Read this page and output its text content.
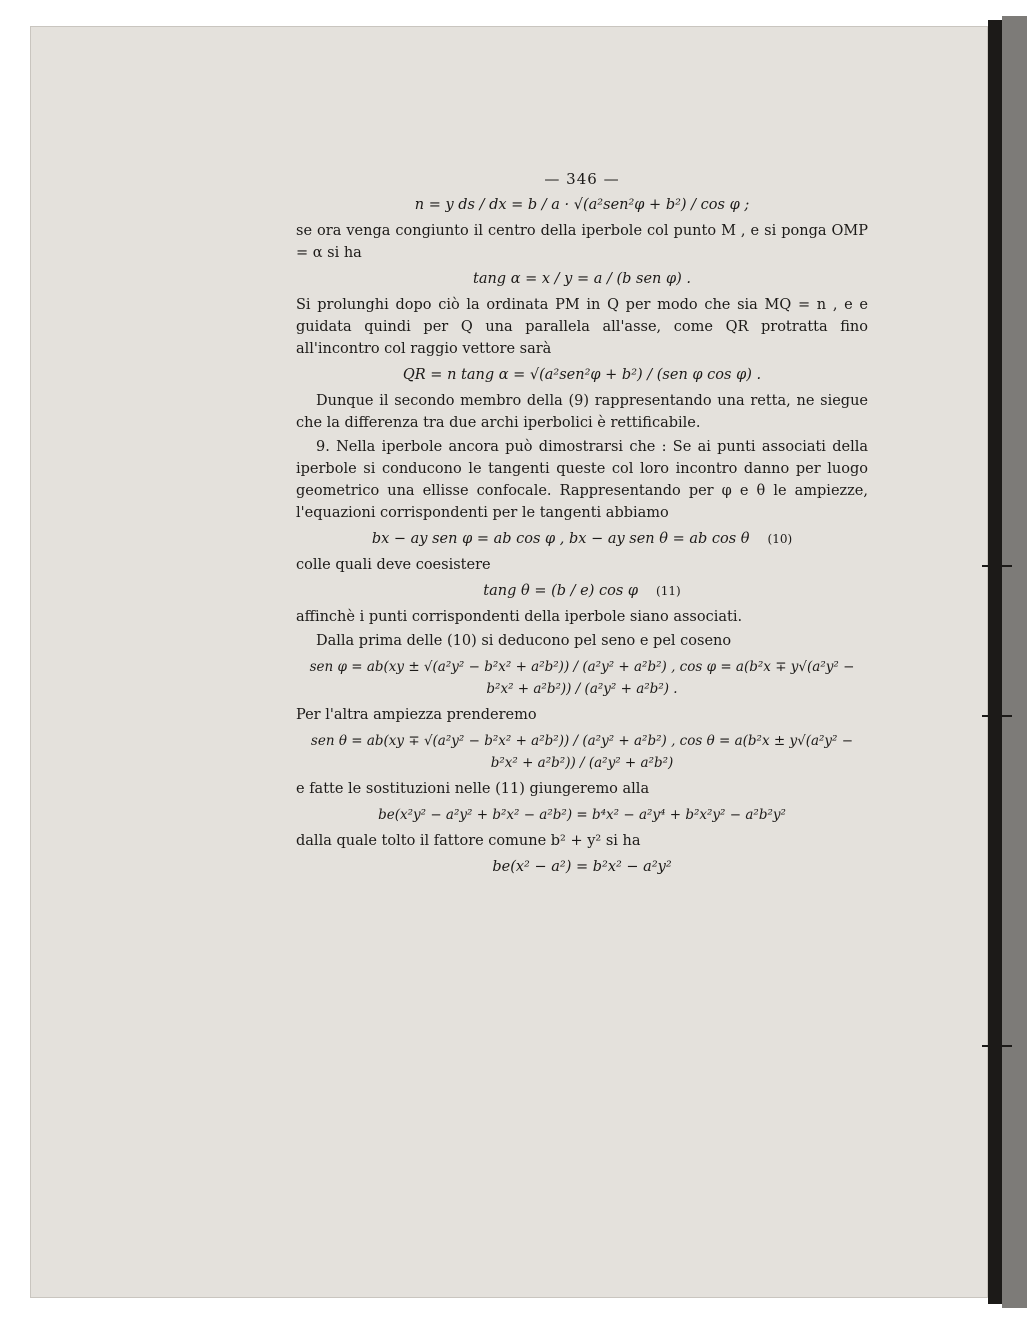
— 346 —
n = y ds / dx = b / a · √(a²sen²φ + b²) / cos φ ;

se ora venga congiunto il centro della iperbole col punto M , e si ponga OMP = α si ha

tang α = x / y = a / (b sen φ) .

Si prolunghi dopo ciò la ordinata PM in Q per modo che sia MQ = n , e e guidata quindi per Q una parallela all'asse, come QR protratta fino all'incontro col raggio vettore sarà

QR = n tang α = √(a²sen²φ + b²) / (sen φ cos φ) .

Dunque il secondo membro della (9) rappresentando una retta, ne siegue che la differenza tra due archi iperbolici è rettificabile.

9. Nella iperbole ancora può dimostrarsi che : Se ai punti associati della iperbole si conducono le tangenti queste col loro incontro danno per luogo geometrico una ellisse confocale. Rappresentando per φ e θ le ampiezze, l'equazioni corrispondenti per le tangenti abbiamo

bx − ay sen φ = ab cos φ , bx − ay sen θ = ab cos θ (10)

colle quali deve coesistere

tang θ = (b / e) cos φ (11)

affinchè i punti corrispondenti della iperbole siano associati.

Dalla prima delle (10) si deducono pel seno e pel coseno

sen φ = ab(xy ± √(a²y² − b²x² + a²b²)) / (a²y² + a²b²) , cos φ = a(b²x ∓ y√(a²y² − b²x² + a²b²)) / (a²y² + a²b²) .

Per l'altra ampiezza prenderemo

sen θ = ab(xy ∓ √(a²y² − b²x² + a²b²)) / (a²y² + a²b²) , cos θ = a(b²x ± y√(a²y² − b²x² + a²b²)) / (a²y² + a²b²)

e fatte le sostituzioni nelle (11) giungeremo alla

be(x²y² − a²y² + b²x² − a²b²) = b⁴x² − a²y⁴ + b²x²y² − a²b²y²

dalla quale tolto il fattore comune b² + y² si ha

be(x² − a²) = b²x² − a²y²
